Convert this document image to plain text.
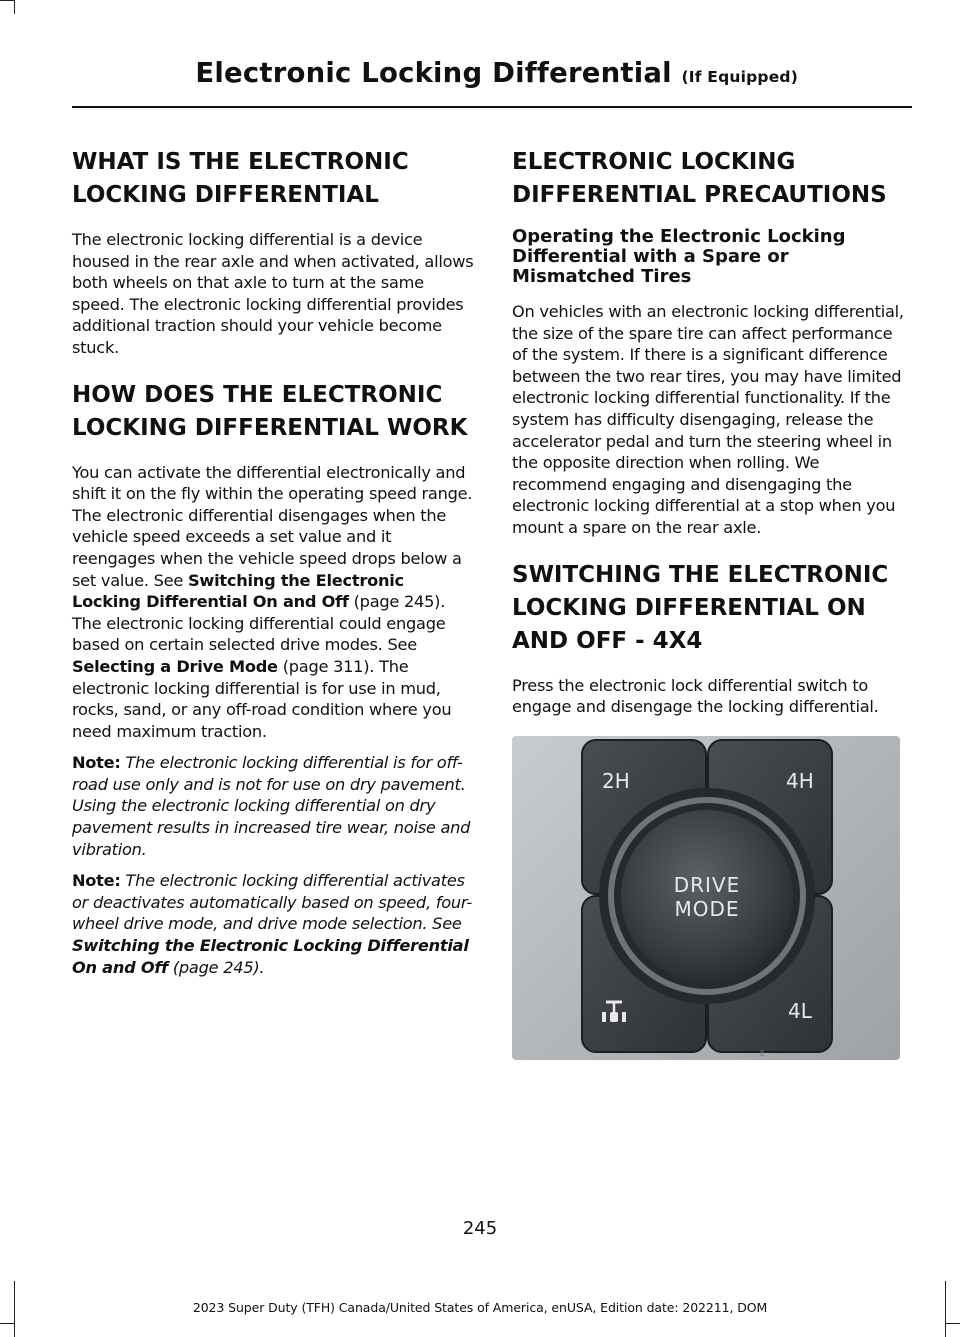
Electronic Locking Differential (If Equipped)
WHAT IS THE ELECTRONIC LOCKING DIFFERENTIAL

The electronic locking differential is a device housed in the rear axle and when activated, allows both wheels on that axle to turn at the same speed. The electronic locking differential provides additional traction should your vehicle become stuck.

HOW DOES THE ELECTRONIC LOCKING DIFFERENTIAL WORK

You can activate the differential electronically and shift it on the fly within the operating speed range. The electronic differential disengages when the vehicle speed exceeds a set value and it reengages when the vehicle speed drops below a set value. See Switching the Electronic Locking Differential On and Off (page 245). The electronic locking differential could engage based on certain selected drive modes. See Selecting a Drive Mode (page 311). The electronic locking differential is for use in mud, rocks, sand, or any off-road condition where you need maximum traction.

Note: The electronic locking differential is for off-road use only and is not for use on dry pavement. Using the electronic locking differential on dry pavement results in increased tire wear, noise and vibration.

Note: The electronic locking differential activates or deactivates automatically based on speed, four-wheel drive mode, and drive mode selection. See Switching the Electronic Locking Differential On and Off (page 245).

ELECTRONIC LOCKING DIFFERENTIAL PRECAUTIONS
Operating the Electronic Locking Differential with a Spare or Mismatched Tires

On vehicles with an electronic locking differential, the size of the spare tire can affect performance of the system. If there is a significant difference between the two rear tires, you may have limited electronic locking differential functionality. If the system has difficulty disengaging, release the accelerator pedal and turn the steering wheel in the opposite direction when rolling. We recommend engaging and disengaging the electronic locking differential at a stop when you mount a spare on the rear axle.

SWITCHING THE ELECTRONIC LOCKING DIFFERENTIAL ON AND OFF - 4X4

Press the electronic lock differential switch to engage and disengage the locking differential.

2H	4H
4L
DRIVE
MODE
E
245
2023 Super Duty (TFH) Canada/United States of America, enUSA, Edition date: 202211, DOM
